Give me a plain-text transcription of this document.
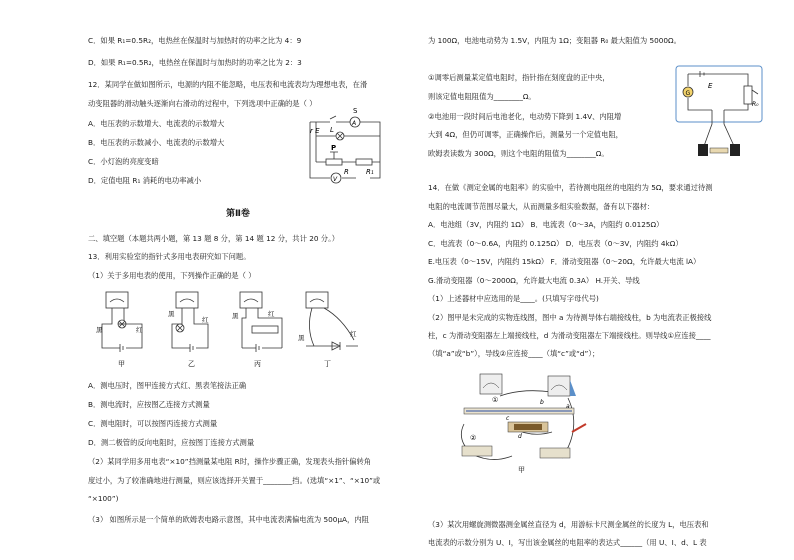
C．如果 R₁=0.5R₂，电热丝在保温时与加热时的功率之比为 4：9
D．如果 R₁=0.5R₂，电热丝在保温时与加热时的功率之比为 2：3
12．某同学在做如图所示，电源的内阻不能忽略，电压表和电流表均为理想电表，在滑
动变阻器的滑动触头逐渐向右滑动的过程中，下列选项中正确的是（ ）
A．电压表的示数增大、电流表的示数增大
B．电压表的示数减小、电流表的示数增大
C．小灯泡的亮度变暗
D．定值电阻 R₁ 消耗的电功率减小
第Ⅱ卷
二、填空题（本题共两小题，第 13 题 8 分，第 14 题 12 分，共计 20 分。）
13．利用实验室的指针式多用电表研究如下问题。
（1）关于多用电表的使用，下列操作正确的是（ ）
A．测电压时，图甲连接方式红、黑表笔接法正确
B．测电流时，应按图乙连接方式测量
C．测电阻时，可以按图丙连接方式测量
D．测二极管的反向电阻时，应按图丁连接方式测量
（2）某同学用多用电表“×10”挡测量某电阻 R时，操作步骤正确，发现表头指针偏转角
度过小，为了较准确地进行测量，则应该选择开关置于________挡。(选填“×1”、“×10”或
“×100”)
（3） 如图所示是一个简单的欧姆表电路示意图，其中电流表满偏电流为 500μA，内阻
S
r E L
A
P
V
R R₁
黑	红
黑
红	黑	红
黑	红
甲	乙	丙	丁
为 100Ω，电池电动势为 1.5V，内阻为 1Ω；变阻器 R₀ 最大阻值为 5000Ω。
①调零后测量某定值电阻时，指针指在刻度盘的正中央，
则该定值电阻阻值为________Ω。
②电池用一段时间后电池老化，电动势下降到 1.4V、内阻增
大到 4Ω，但仍可调零，正确操作后，测量另一个定值电阻，
欧姆表读数为 300Ω，则这个电阻的阻值为________Ω。
14．在做《测定金属的电阻率》的实验中，若待测电阻丝的电阻约为 5Ω，要求通过待测
电阻的电流调节范围尽量大，从而测量多组实验数据，备有以下器材：
A．电池组（3V，内阻约 1Ω） B．电流表（0～3A，内阻约 0.0125Ω）
C．电流表（0～0.6A，内阻约 0.125Ω） D．电压表（0～3V，内阻约 4kΩ）
E.电压表（0～15V，内阻约 15kΩ） F．滑动变阻器（0～20Ω，允许最大电流 lA）
G.滑动变阻器（0～2000Ω，允许最大电流 0.3A） H.开关、导线
（1）上述器材中应选用的是____。(只填写字母代号)
（2）图甲是未完成的实物连线图，图中 a 为待测导体右端接线柱，b 为电流表正极接线
柱，c 为滑动变阻器左上端接线柱，d 为滑动变阻器左下端接线柱。则导线①应连接____
（填“a”或“b”），导线②应连接____（填“c”或“d”）；
（3）某次用螺旋测微器测金属丝直径为 d，用游标卡尺测金属丝的长度为 L，电压表和
电流表的示数分别为 U、I，写出该金属丝的电阻率的表达式______（用 U、I、d、L 表
G
E
R₀
①
②
a
b
c
d
甲
